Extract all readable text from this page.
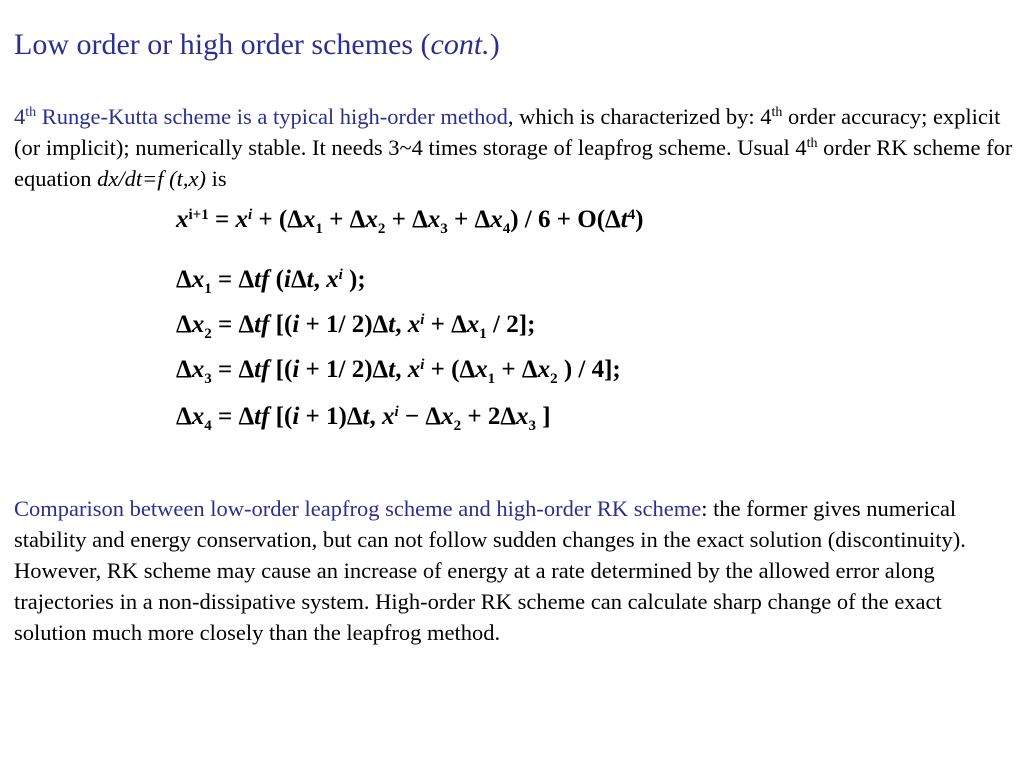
Low order or high order schemes (cont.)
4th Runge-Kutta scheme is a typical high-order method, which is characterized by: 4th order accuracy; explicit (or implicit); numerically stable. It needs 3~4 times storage of leapfrog scheme. Usual 4th order RK scheme for equation dx/dt=f (t,x) is
$x^{i+1} = x^i + (\Delta x_1 + \Delta x_2 + \Delta x_3 + \Delta x_4) / 6 + O(\Delta t^4)$
$\Delta x_1 = \Delta tf$ (iΔt, $x^i$ );
$\Delta x_2 = \Delta tf$ [(i + 1/ 2)Δt, $x^i + \Delta x_1 / 2$];
$\Delta x_3 = \Delta tf$ [(i + 1/ 2)Δt, $x^i + (\Delta x_1 + \Delta x_2$ ) / 4];
$\Delta x_4 = \Delta tf$ [(i + 1)Δt, $x^i - \Delta x_2 + 2\Delta x_3$ ]
Comparison between low-order leapfrog scheme and high-order RK scheme: the former gives numerical stability and energy conservation, but can not follow sudden changes in the exact solution (discontinuity). However, RK scheme may cause an increase of energy at a rate determined by the allowed error along trajectories in a non-dissipative system. High-order RK scheme can calculate sharp change of the exact solution much more closely than the leapfrog method.
